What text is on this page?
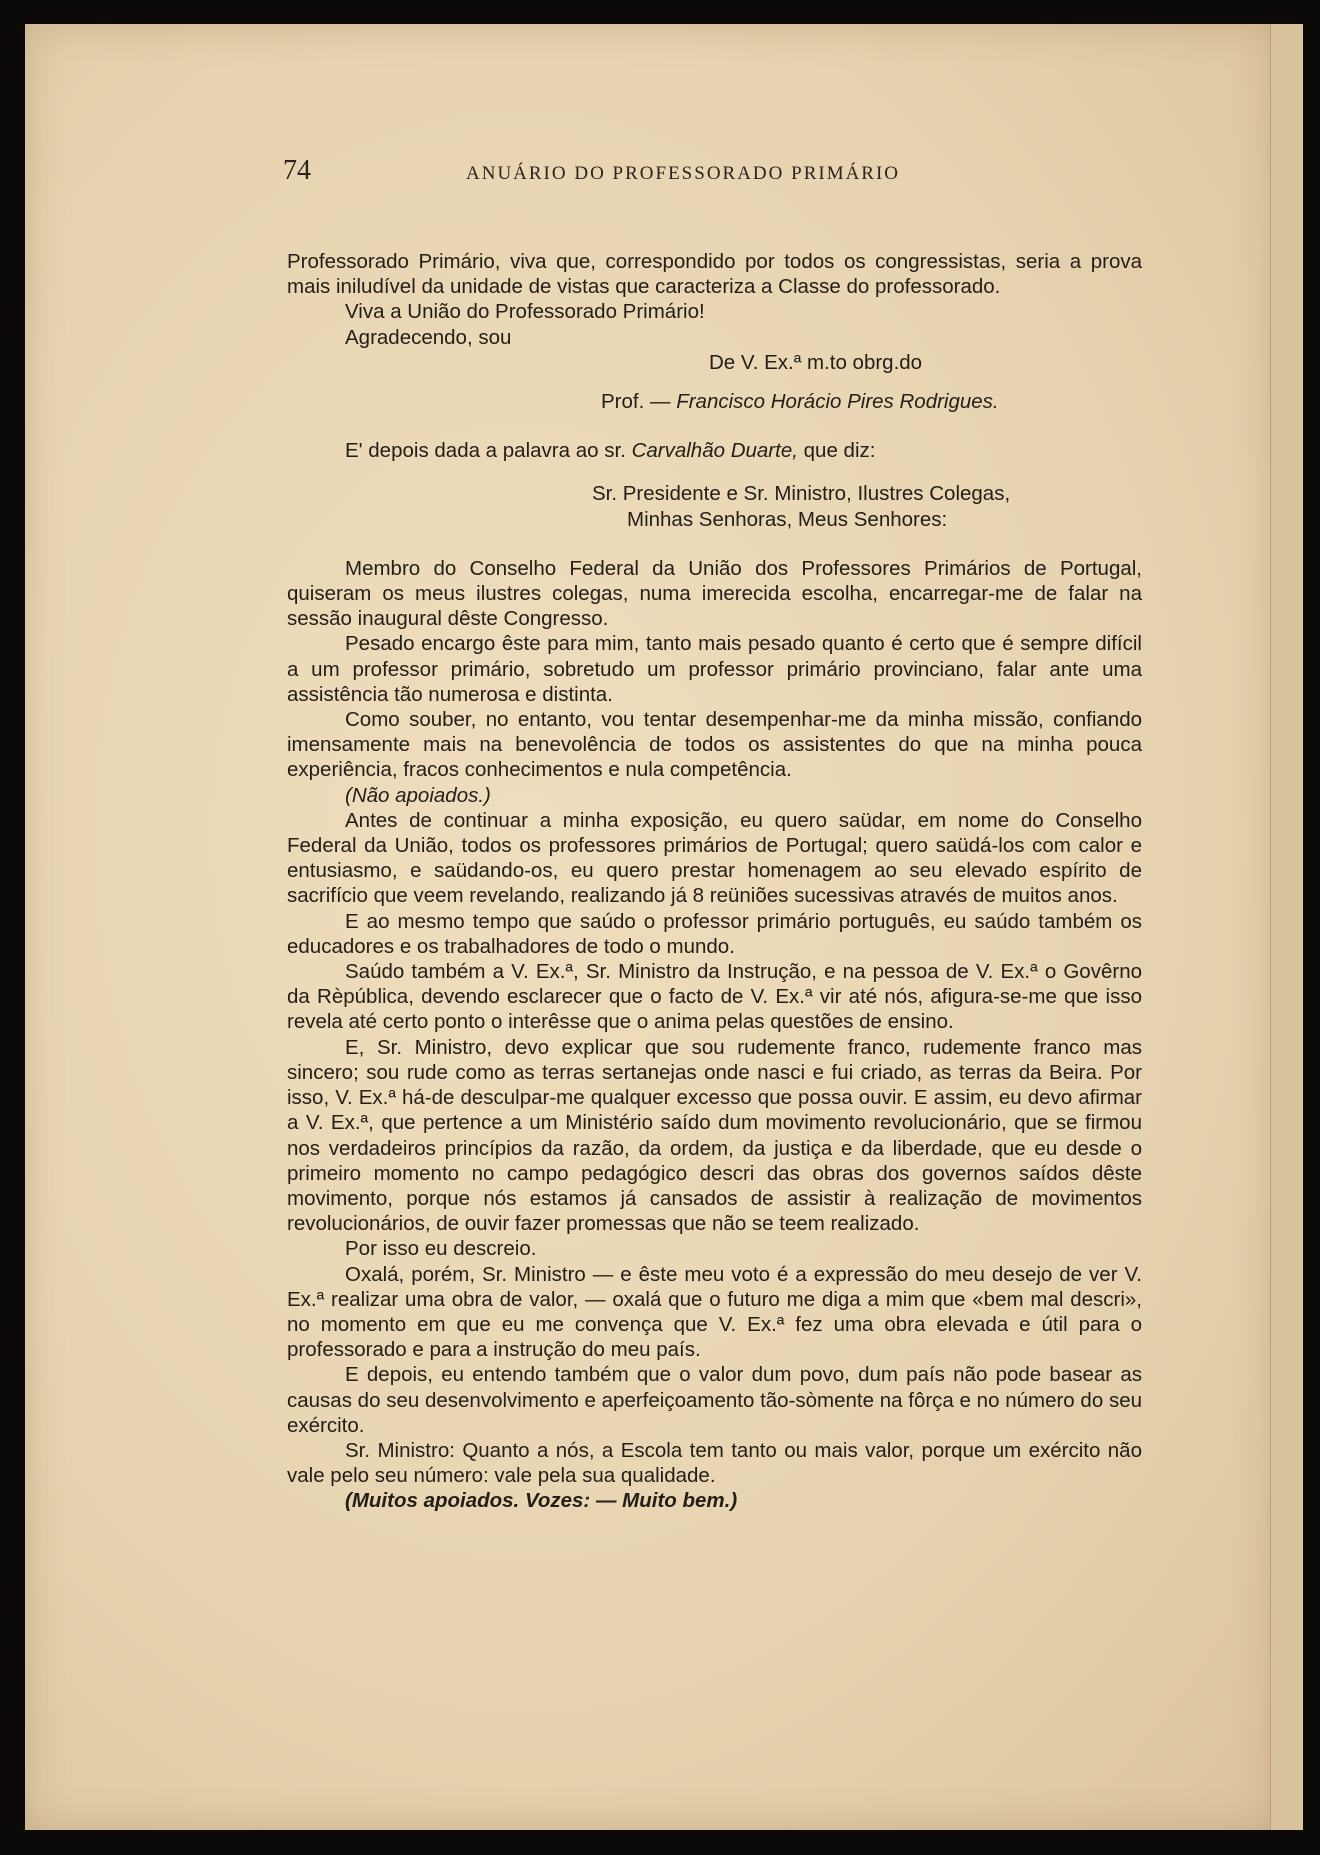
74	ANUÁRIO DO PROFESSORADO PRIMÁRIO

Professorado Primário, viva que, correspondido por todos os congressistas, seria a prova mais iniludível da unidade de vistas que caracteriza a Classe do professorado.

Viva a União do Professorado Primário!

Agradecendo, sou

De V. Ex.ª m.to obrg.do

Prof. — Francisco Horácio Pires Rodrigues.

E' depois dada a palavra ao sr. Carvalhão Duarte, que diz:

Sr. Presidente e Sr. Ministro, Ilustres Colegas,

Minhas Senhoras, Meus Senhores:

Membro do Conselho Federal da União dos Professores Primários de Portugal, quiseram os meus ilustres colegas, numa imerecida escolha, encarregar-me de falar na sessão inaugural dêste Congresso.

Pesado encargo êste para mim, tanto mais pesado quanto é certo que é sempre difícil a um professor primário, sobretudo um professor primário provinciano, falar ante uma assistência tão numerosa e distinta.

Como souber, no entanto, vou tentar desempenhar-me da minha missão, confiando imensamente mais na benevolência de todos os assistentes do que na minha pouca experiência, fracos conhecimentos e nula competência.

(Não apoiados.)

Antes de continuar a minha exposição, eu quero saüdar, em nome do Conselho Federal da União, todos os professores primários de Portugal; quero saüdá-los com calor e entusiasmo, e saüdando-os, eu quero prestar homenagem ao seu elevado espírito de sacrifício que veem revelando, realizando já 8 reüniões sucessivas através de muitos anos.

E ao mesmo tempo que saúdo o professor primário português, eu saúdo também os educadores e os trabalhadores de todo o mundo.

Saúdo também a V. Ex.ª, Sr. Ministro da Instrução, e na pessoa de V. Ex.ª o Govêrno da Rèpública, devendo esclarecer que o facto de V. Ex.ª vir até nós, afigura-se-me que isso revela até certo ponto o interêsse que o anima pelas questões de ensino.

E, Sr. Ministro, devo explicar que sou rudemente franco, rudemente franco mas sincero; sou rude como as terras sertanejas onde nasci e fui criado, as terras da Beira. Por isso, V. Ex.ª há-de desculpar-me qualquer excesso que possa ouvir. E assim, eu devo afirmar a V. Ex.ª, que pertence a um Ministério saído dum movimento revolucionário, que se firmou nos verdadeiros princípios da razão, da ordem, da justiça e da liberdade, que eu desde o primeiro momento no campo pedagógico descri das obras dos governos saídos dêste movimento, porque nós estamos já cansados de assistir à realização de movimentos revolucionários, de ouvir fazer promessas que não se teem realizado.

Por isso eu descreio.

Oxalá, porém, Sr. Ministro — e êste meu voto é a expressão do meu desejo de ver V. Ex.ª realizar uma obra de valor, — oxalá que o futuro me diga a mim que «bem mal descri», no momento em que eu me convença que V. Ex.ª fez uma obra elevada e útil para o professorado e para a instrução do meu país.

E depois, eu entendo também que o valor dum povo, dum país não pode basear as causas do seu desenvolvimento e aperfeiçoamento tão-sòmente na fôrça e no número do seu exército.

Sr. Ministro: Quanto a nós, a Escola tem tanto ou mais valor, porque um exército não vale pelo seu número: vale pela sua qualidade.

(Muitos apoiados. Vozes: — Muito bem.)
